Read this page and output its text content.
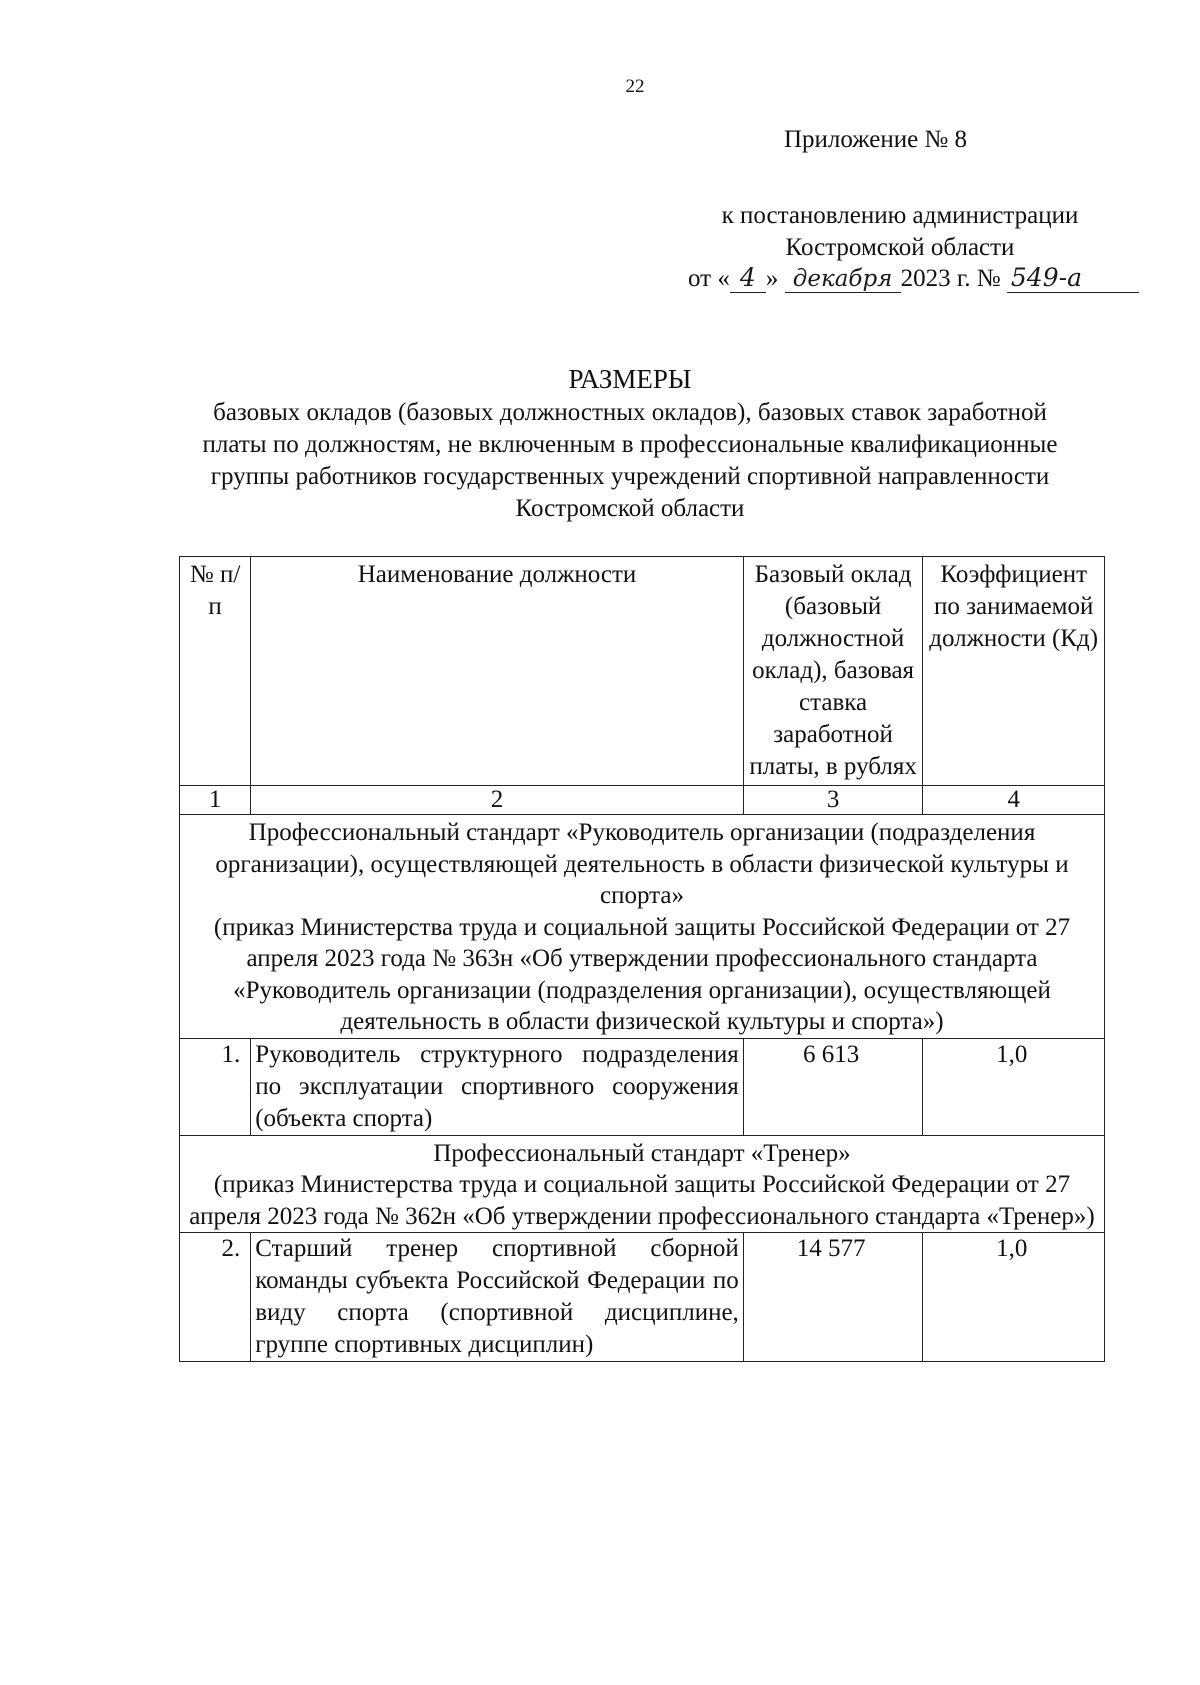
22
Приложение № 8
к постановлению администрации
Костромской области
от « 4 » декабря 2023 г. № 549-а
РАЗМЕРЫ
базовых окладов (базовых должностных окладов), базовых ставок заработной платы по должностям, не включенным в профессиональные квалификационные группы работников государственных учреждений спортивной направленности Костромской области
№ п/п	Наименование должности	Базовый оклад (базовый должностной оклад), базовая ставка заработной платы, в рублях	Коэффициент по занимаемой должности (Кд)
1	2	3	4

Профессиональный стандарт «Руководитель организации (подразделения организации), осуществляющей деятельность в области физической культуры и спорта»
(приказ Министерства труда и социальной защиты Российской Федерации от 27 апреля 2023 года № 363н «Об утверждении профессионального стандарта «Руководитель организации (подразделения организации), осуществляющей деятельность в области физической культуры и спорта»)			

1.	Руководитель структурного подразделения по эксплуатации спортивного сооружения (объекта спорта)	6 613	1,0

Профессиональный стандарт «Тренер»
(приказ Министерства труда и социальной защиты Российской Федерации от 27 апреля 2023 года № 362н «Об утверждении профессионального стандарта «Тренер»)			

2.	Старший тренер спортивной сборной команды субъекта Российской Федерации по виду спорта (спортивной дисциплине, группе спортивных дисциплин)	14 577	1,0
